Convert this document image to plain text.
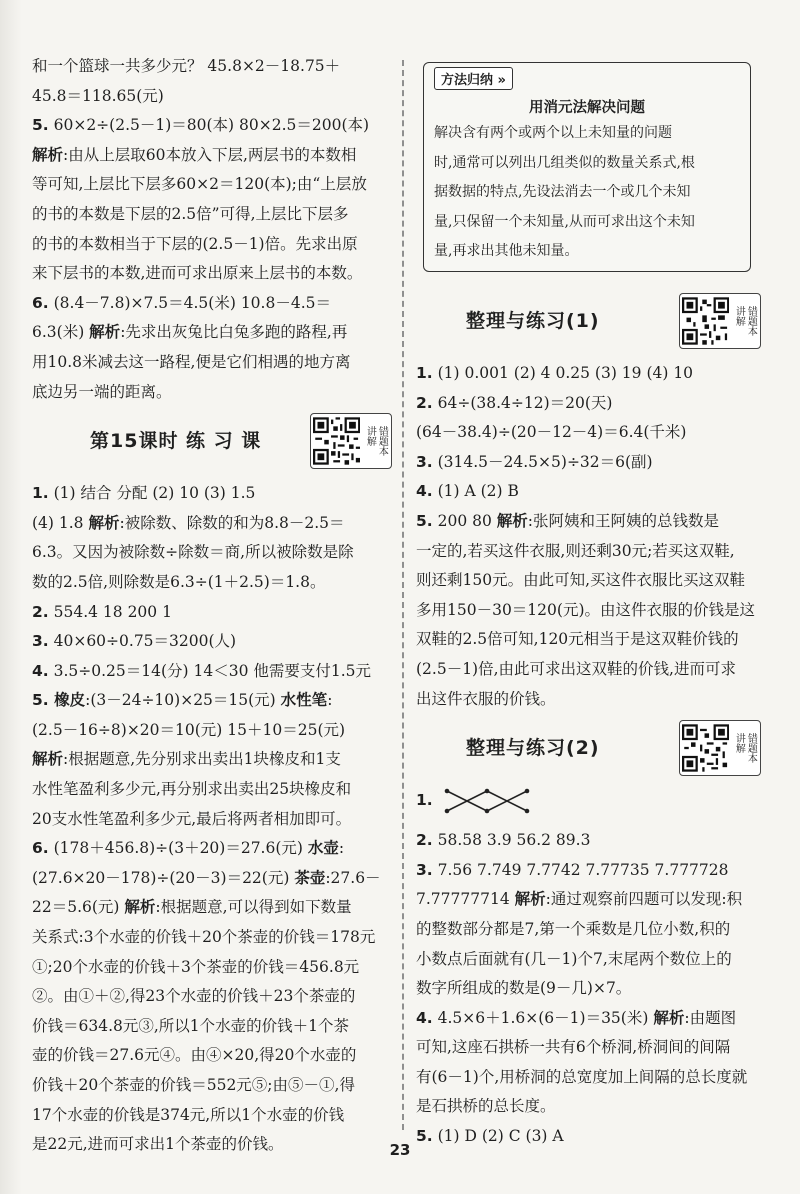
和一个篮球一共多少元？ 45.8×2－18.75＋
45.8＝118.65(元)
5. 60×2÷(2.5－1)＝80(本) 80×2.5＝200(本)
解析:由从上层取60本放入下层,两层书的本数相
等可知,上层比下层多60×2＝120(本);由“上层放
的书的本数是下层的2.5倍”可得,上层比下层多
的书的本数相当于下层的(2.5－1)倍。先求出原
来下层书的本数,进而可求出原来上层书的本数。
6. (8.4－7.8)×7.5＝4.5(米) 10.8－4.5＝
6.3(米) 解析:先求出灰兔比白兔多跑的路程,再
用10.8米减去这一路程,便是它们相遇的地方离
底边另一端的距离。
第15课时 练 习 课	讲解 错题本
1. (1) 结合 分配 (2) 10 (3) 1.5
(4) 1.8 解析:被除数、除数的和为8.8－2.5＝
6.3。又因为被除数÷除数＝商,所以被除数是除
数的2.5倍,则除数是6.3÷(1＋2.5)＝1.8。
2. 554.4 18 200 1
3. 40×60÷0.75＝3200(人)
4. 3.5÷0.25＝14(分) 14＜30 他需要支付1.5元
5. 橡皮:(3－24÷10)×25＝15(元) 水性笔:
(2.5－16÷8)×20＝10(元) 15＋10＝25(元)
解析:根据题意,先分别求出卖出1块橡皮和1支
水性笔盈利多少元,再分别求出卖出25块橡皮和
20支水性笔盈利多少元,最后将两者相加即可。
6. (178＋456.8)÷(3＋20)＝27.6(元) 水壶:
(27.6×20－178)÷(20－3)＝22(元) 茶壶:27.6－
22＝5.6(元) 解析:根据题意,可以得到如下数量
关系式:3个水壶的价钱＋20个茶壶的价钱＝178元
①;20个水壶的价钱＋3个茶壶的价钱＝456.8元
②。由①＋②,得23个水壶的价钱＋23个茶壶的
价钱＝634.8元③,所以1个水壶的价钱＋1个茶
壶的价钱＝27.6元④。由④×20,得20个水壶的
价钱＋20个茶壶的价钱＝552元⑤;由⑤－①,得
17个水壶的价钱是374元,所以1个水壶的价钱
是22元,进而可求出1个茶壶的价钱。
方法归纳 »
用消元法解决问题
解决含有两个或两个以上未知量的问题
时,通常可以列出几组类似的数量关系式,根
据数据的特点,先设法消去一个或几个未知
量,只保留一个未知量,从而可求出这个未知
量,再求出其他未知量。
整理与练习(1)	讲解 错题本
1. (1) 0.001 (2) 4 0.25 (3) 19 (4) 10
2. 64÷(38.4÷12)＝20(天)
(64－38.4)÷(20－12－4)＝6.4(千米)
3. (314.5－24.5×5)÷32＝6(副)
4. (1) A (2) B
5. 200 80 解析:张阿姨和王阿姨的总钱数是
一定的,若买这件衣服,则还剩30元;若买这双鞋,
则还剩150元。由此可知,买这件衣服比买这双鞋
多用150－30＝120(元)。由这件衣服的价钱是这
双鞋的2.5倍可知,120元相当于是这双鞋价钱的
(2.5－1)倍,由此可求出这双鞋的价钱,进而可求
出这件衣服的价钱。
整理与练习(2)	讲解 错题本
1.
2. 58.58 3.9 56.2 89.3
3. 7.56 7.749 7.7742 7.77735 7.777728
7.77777714 解析:通过观察前四题可以发现:积
的整数部分都是7,第一个乘数是几位小数,积的
小数点后面就有(几－1)个7,末尾两个数位上的
数字所组成的数是(9－几)×7。
4. 4.5×6＋1.6×(6－1)＝35(米) 解析:由题图
可知,这座石拱桥一共有6个桥洞,桥洞间的间隔
有(6－1)个,用桥洞的总宽度加上间隔的总长度就
是石拱桥的总长度。
5. (1) D (2) C (3) A
23
